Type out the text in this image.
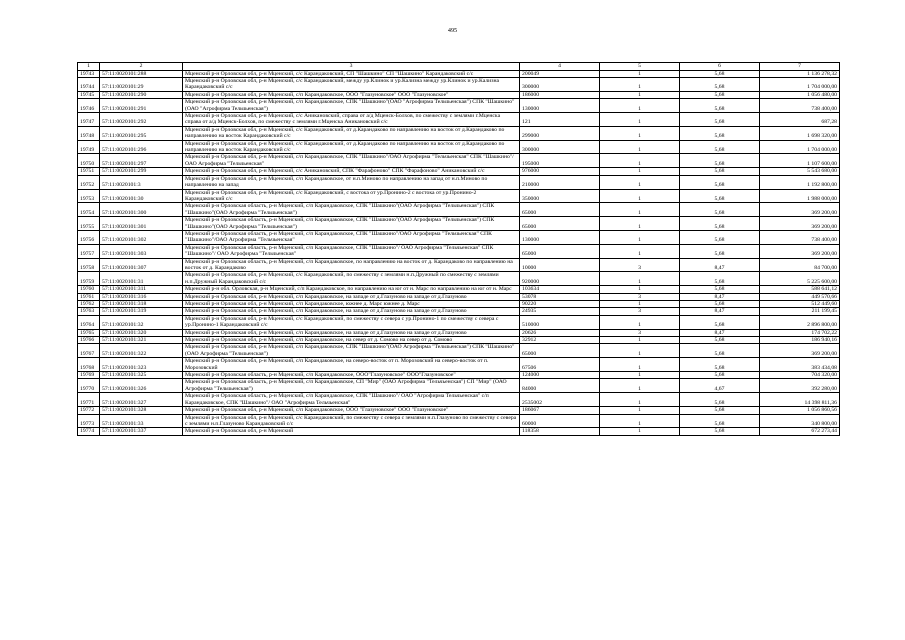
495
1	2	3	4	5	6	7
19743	57:11:0020101:288	Мценский р-н Орловская обл, р-н Мценский, с/с Карандаковский, СП "Шашкино" СП "Шашкино" Карандаковский с/с	200049	1	5,68	1 136 278,32
19744	57:11:0020101:29	Мценский р-н Орловская обл, р-н Мценский, с/с Карандаковский, между ур.Клинок и ур.Кализна между ур.Клинок и ур.Кализна Карандаковский с/с	300000	1	5,68	1 704 000,00
19745	57:11:0020101:290	Мценский р-н Орловская обл, р-н Мценский, с/п Карандаковское, ООО "Глазуновское" ООО "Глазуновское"	186000	1	5,68	1 056 480,00
19746	57:11:0020101:291	Мценский р-н Орловская обл, р-н Мценский, с/п Карандаковское, СПК "Шашкино"(ОАО "Агрофирма Тельчьенская") СПК "Шашкино"(ОАО "Агрофирма Тельчьенская")	130000	1	5,68	738 400,00
19747	57:11:0020101:292	Мценский р-н Орловская обл, р-н Мценский, с/с Аникановский, справа от а/д Мценск-Болхов, по смежеству с землями г.Мценска справа от а/д Мценск-Болхов, по смежеству с землями г.Мценска Аникановский с/с	121	1	5,68	687,28
19748	57:11:0020101:295	Мценский р-н Орловская обл, р-н Мценский, с/с Карандаковский, от д.Карандаково по направлению на восток от д.Карандаково по направлению на восток Карандаковский с/с	299000	1	5,68	1 698 320,00
19749	57:11:0020101:296	Мценский р-н Орловская обл, р-н Мценский, с/с Карандаковский, от д.Карандаково по направлению на восток от д.Карандаково по направлению на восток Карандаковский с/с	300000	1	5,68	1 704 000,00
19750	57:11:0020101:297	Мценский р-н Орловская обл, р-н Мценский, с/п Карандаковское, СПК "Шашкино"/ОАО Агрофирма "Тельчьенская" СПК "Шашкино"/ОАО Агрофирма "Тельчьенская"	195000	1	5,68	1 107 600,00
19751	57:11:0020101:299	Мценский р-н Орловская обл, р-н Мценский, с/с Аникановский, СПК "Фарафоново" СПК "Фарафоново" Аникановский с/с	976000	1	5,68	5 543 680,00
19752	57:11:0020101:3	Мценский р-н Орловская обл, р-н Мценский, с/п Карандаковское, от н.п.Миново по направлению на запад от н.п.Миново по направлению на запад	210000	1	5,68	1 192 800,00
19753	57:11:0020101:30	Мценский р-н Орловская обл, р-н Мценский, с/с Карандаковский, с востока от ур.Пронино-2 с востока от ур.Пронино-2 Карандаковский с/с	350000	1	5,68	1 988 000,00
19754	57:11:0020101:300	Мценский р-н Орловская область, р-н Мценский, с/п Карандаковское, СПК "Шашкино"(ОАО Агрофирма "Тельчьенская") СПК "Шашкино"(ОАО Агрофирма "Тельчьенская")	65000	1	5,68	369 200,00
19755	57:11:0020101:301	Мценский р-н Орловская область, р-н Мценский, с/п Карандаковское, СПК "Шашкино"(ОАО Агрофирма "Тельчьенская") СПК "Шашкино"(ОАО Агрофирма "Тельчьенская")	65000	1	5,68	369 200,00
19756	57:11:0020101:302	Мценский р-н Орловская область, р-н Мценский, с/п Карандаковское, СПК "Шашкино"/ОАО Агрофирма "Тельчьенская" СПК "Шашкино"/ОАО Агрофирма "Тельчьенская"	130000	1	5,68	738 400,00
19757	57:11:0020101:303	Мценский р-н Орловская область, р-н Мценский, с/п Карандаковское, СПК "Шашкино"/ ОАО Агрофирма "Тельчьенская" СПК "Шашкино"/ ОАО Агрофирма "Тельчьенская"	65000	1	5,68	369 200,00
19758	57:11:0020101:307	Мценский р-н Орловская область, р-н Мценский, с/п Карандаковское, по направлению на восток от д. Карандаково по направлению на восток от д. Карандаково	10000	3	8,47	84 700,00
19759	57:11:0020101:31	Мценский р-н Орловская обл, р-н Мценский, с/с Карандаковский, по смежеству с землями н.п.Дружный по смежеству с землями н.п.Дружный Карандаковский с/с	920000	1	5,68	5 225 600,00
19760	57:11:0020101:311	Мценский р-н обл. Орловская, р-н Мценский, с/п Карандаковское, по направлению на юг от н. Марс по направлению на юг от н. Марс	103634	1	5,68	588 641,12
19761	57:11:0020101:316	Мценский р-н Орловская обл, р-н Мценский, с/п Карандаковское, на западе от д.Глазуново на западе от д.Глазуново	53078	3	8,47	449 570,66
19762	57:11:0020101:318	Мценский р-н Орловская обл, р-н Мценский, с/п Карандаковское, южнее д. Марс южнее д. Марс	90220	1	5,68	512 449,60
19763	57:11:0020101:319	Мценский р-н Орловская обл, р-н Мценский, с/п Карандаковское, на западе от д.Глазуново на западе от д.Глазуново	24935	3	8,47	211 199,45
19764	57:11:0020101:32	Мценский р-н Орловская обл, р-н Мценский, с/с Карандаковский, по смежеству с севера с ур.Пронино-1 по смежеству с севера с ур.Пронино-1 Карандаковский с/с	510000	1	5,68	2 896 800,00
19765	57:11:0020101:320	Мценский р-н Орловская обл, р-н Мценский, с/п Карандаковское, на западе от д.Глазуново на западе от д.Глазуново	20626	3	8,47	174 702,22
19766	57:11:0020101:321	Мценский р-н Орловская обл, р-н Мценский, с/п Карандаковское, на север от д. Сомово на север от д. Сомово	32912	1	5,68	186 940,16
19767	57:11:0020101:322	Мценский р-н Орловская обл, р-н Мценский, с/п Карандаковское, СПК "Шашкино"(ОАО Агрофирма "Тельчьенская") СПК "Шашкино"(ОАО Агрофирма "Тельчьенская")	65000	1	5,68	369 200,00
19768	57:11:0020101:323	Мценский р-н Орловская обл, р-н Мценский, с/п Карандаковское, на северо-восток от п. Морозовский на северо-восток от п. Морозовский	67506	1	5,68	383 434,08
19769	57:11:0020101:325	Мценский р-н Орловская область, р-н Мценский, с/п Карандаковское, ООО"Глазуновское" ООО"Глазуновское"	124000	1	5,68	704 320,00
19770	57:11:0020101:326	Мценский р-н Орловская область, р-н Мценский, с/п Карандаковское, СП "Мир" (ОАО Агрофирма "Тельчьенская") СП "Мир" (ОАО Агрофирма "Тельчьенская")	84000	1	4,67	392 280,00
19771	57:11:0020101:327	Мценский р-н Орловская область, р-н Мценский, с/п Карандаковское, СПК "Шашкино"/ ОАО "Агрофирма Тельчьенская" с/п Карандаковское, СПК "Шашкино"/ ОАО "Агрофирма Тельчьенская"	2535002	1	5,68	14 398 811,36
19772	57:11:0020101:328	Мценский р-н Орловская обл, р-н Мценский, с/п Карандаковское, ООО "Глазуновское" ООО "Глазуновское"	186067	1	5,68	1 056 860,56
19773	57:11:0020101:33	Мценский р-н Орловская обл, р-н Мценский, с/с Карандаковский, по смежеству с севера с землями н.п.Глазуново по смежеству с севера с землями н.п.Глазуново Карандаковский с/с	60000	1	5,68	340 800,00
19774	57:11:0020101:337	Мценский р-н Орловская обл, р-н Мценский	118358	1	5,68	672 273,44
